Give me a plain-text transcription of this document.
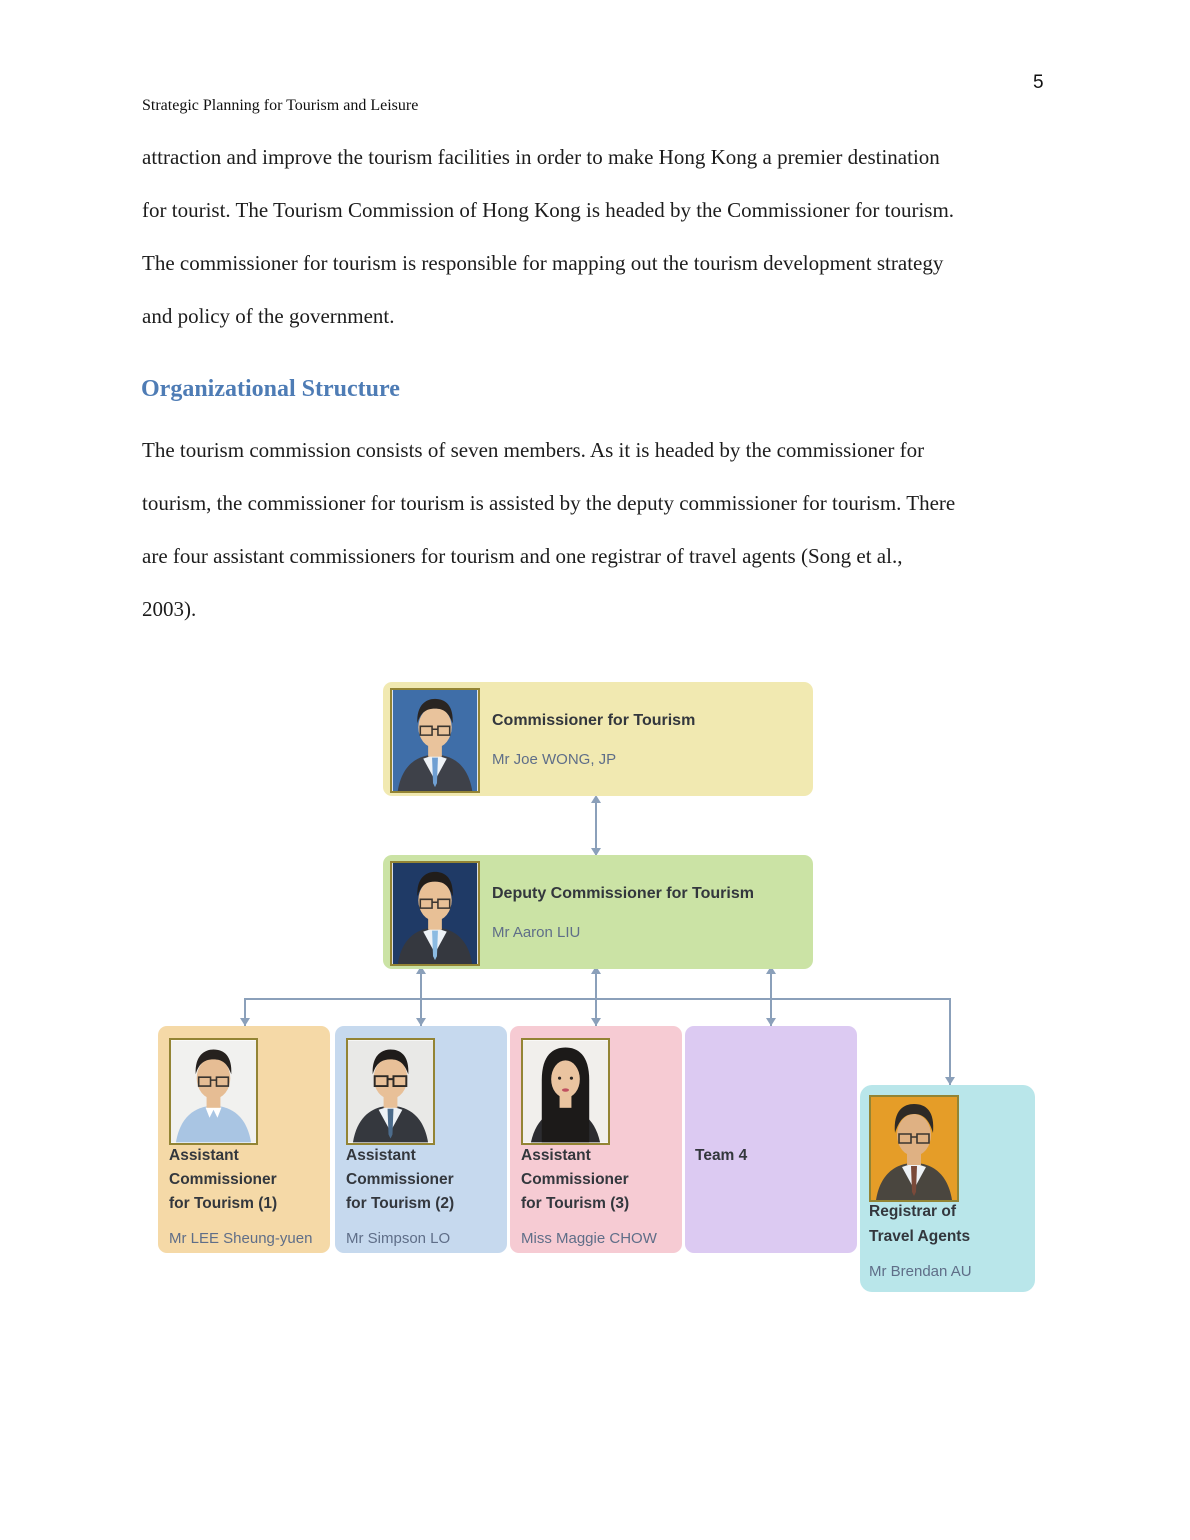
5
Strategic Planning for Tourism and Leisure
attraction and improve the tourism facilities in order to make Hong Kong a premier destination
for tourist. The Tourism Commission of Hong Kong is headed by the Commissioner for tourism.
The commissioner for tourism is responsible for mapping out the tourism development strategy
and policy of the government.
Organizational Structure
The tourism commission consists of seven members. As it is headed by the commissioner for
tourism, the commissioner for tourism is assisted by the deputy commissioner for tourism. There
are four assistant commissioners for tourism and one registrar of travel agents (Song et al.,
2003).
Commissioner for Tourism
Mr Joe WONG, JP
Deputy Commissioner for Tourism
Mr Aaron LIU
Assistant
Commissioner
for Tourism (1)
Mr LEE Sheung-yuen
Assistant
Commissioner
for Tourism (2)
Mr Simpson LO
Assistant
Commissioner
for Tourism (3)
Miss Maggie CHOW
Team 4
Registrar of
Travel Agents
Mr Brendan AU
